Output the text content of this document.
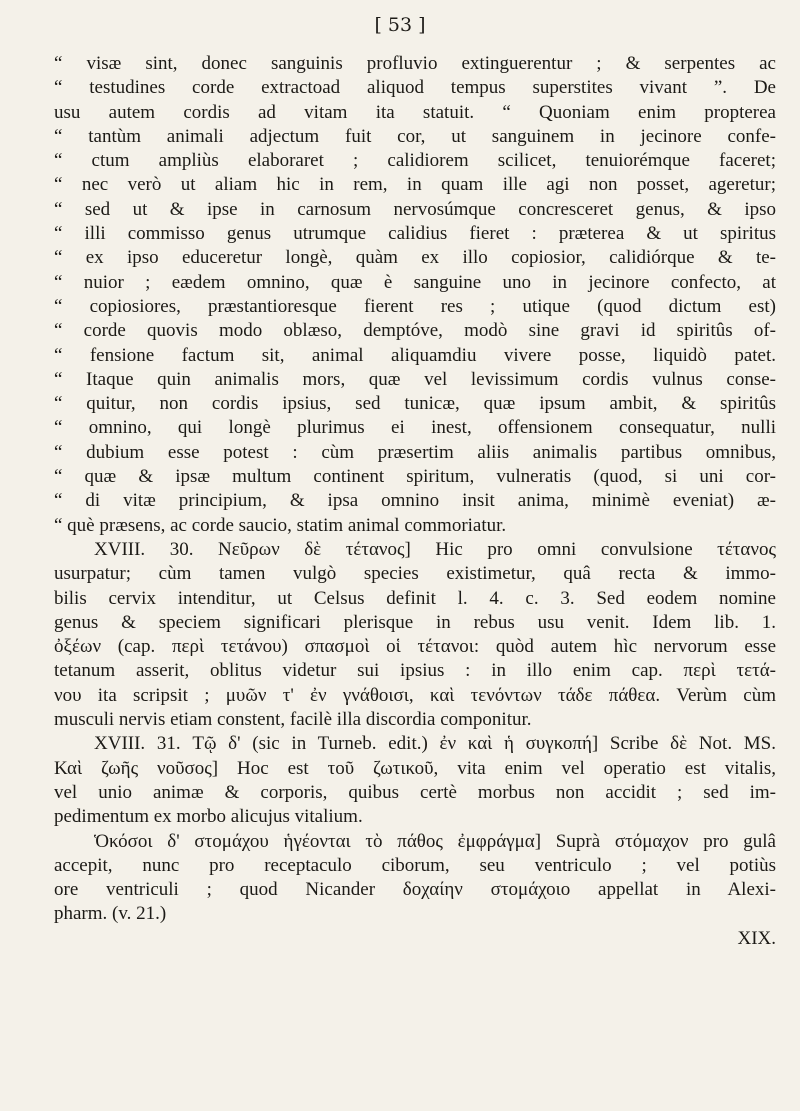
[ 53 ]
“ visæ sint, donec sanguinis profluvio extinguerentur ; & serpentes ac
“ testudines corde extractoad aliquod tempus superstites vivant ”. De
usu autem cordis ad vitam ita statuit. “ Quoniam enim propterea
“ tantùm animali adjectum fuit cor, ut sanguinem in jecinore confe-
“ ctum ampliùs elaboraret ; calidiorem scilicet, tenuiorémque faceret;
“ nec verò ut aliam hic in rem, in quam ille agi non posset, ageretur;
“ sed ut & ipse in carnosum nervosúmque concresceret genus, & ipso
“ illi commisso genus utrumque calidius fieret : præterea & ut spiritus
“ ex ipso educeretur longè, quàm ex illo copiosior, calidiórque & te-
“ nuior ; eædem omnino, quæ è sanguine uno in jecinore confecto, at
“ copiosiores, præstantioresque fierent res ; utique (quod dictum est)
“ corde quovis modo oblæso, demptóve, modò sine gravi id spiritûs of-
“ fensione factum sit, animal aliquamdiu vivere posse, liquidò patet.
“ Itaque quin animalis mors, quæ vel levissimum cordis vulnus conse-
“ quitur, non cordis ipsius, sed tunicæ, quæ ipsum ambit, & spiritûs
“ omnino, qui longè plurimus ei inest, offensionem consequatur, nulli
“ dubium esse potest : cùm præsertim aliis animalis partibus omnibus,
“ quæ & ipsæ multum continent spiritum, vulneratis (quod, si uni cor-
“ di vitæ principium, & ipsa omnino insit anima, minimè eveniat) æ-
“ què præsens, ac corde saucio, statim animal commoriatur.
XVIII. 30. Νεῦρων δὲ τέτανος] Hic pro omni convulsione τέτανος
usurpatur; cùm tamen vulgò species existimetur, quâ recta & immo-
bilis cervix intenditur, ut Celsus definit l. 4. c. 3. Sed eodem nomine
genus & speciem significari plerisque in rebus usu venit. Idem lib. 1.
ὀξέων (cap. περὶ τετάνου) σπασμοὶ οἱ τέτανοι: quòd autem hìc nervorum esse
tetanum asserit, oblitus videtur sui ipsius : in illo enim cap. περὶ τετά-
νου ita scripsit ; μυῶν τ' ἐν γνάθοισι, καὶ τενόντων τάδε πάθεα. Verùm cùm
musculi nervis etiam constent, facilè illa discordia componitur.
XVIII. 31. Τῷ δ' (sic in Turneb. edit.) ἐν καὶ ἡ συγκοπή] Scribe δὲ Not. MS.
Καὶ ζωῆς νοῦσος] Hoc est τοῦ ζωτικοῦ, vita enim vel operatio est vitalis,
vel unio animæ & corporis, quibus certè morbus non accidit ; sed im-
pedimentum ex morbo alicujus vitalium.
Ὁκόσοι δ' στομάχου ἡγέονται τὸ πάθος ἐμφράγμα] Suprà στόμαχον pro gulâ
accepit, nunc pro receptaculo ciborum, seu ventriculo ; vel potiùs
ore ventriculi ; quod Nicander δοχαίην στομάχοιο appellat in Alexi-
pharm. (v. 21.)
XIX.
